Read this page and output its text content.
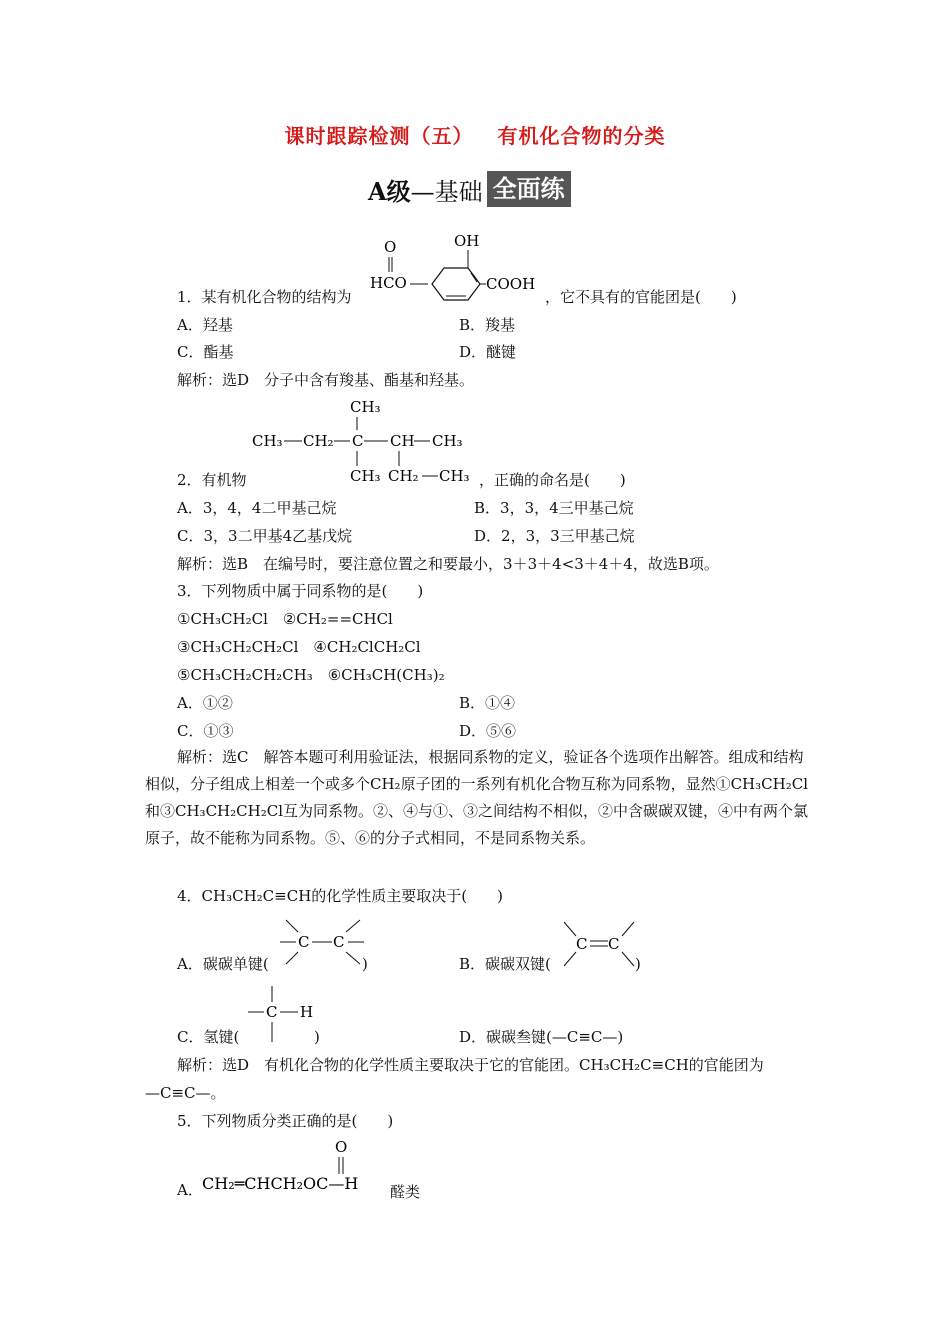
课时跟踪检测（五） 有机化合物的分类
A级 —基础 全面练
O
HCO
OH
COOH
1．某有机化合物的结构为	，它不具有的官能团是(　　)
A．羟基	B．羧基
C．酯基	D．醚键
解析：选D　分子中含有羧基、酯基和羟基。
CH₃
CH₃ CH₂ C CH CH₃
CH₃ CH₂ CH₃
2．有机物	，正确的命名是(　　)
A．3，4，4二甲基己烷	B．3，3，4三甲基己烷
C．3，3二甲基4乙基戊烷	D．2，3，3三甲基己烷
解析：选B　在编号时，要注意位置之和要最小，3＋3＋4<3＋4＋4，故选B项。
3．下列物质中属于同系物的是(　　)
①CH₃CH₂Cl　②CH₂==CHCl
③CH₃CH₂CH₂Cl　④CH₂ClCH₂Cl
⑤CH₃CH₂CH₂CH₃　⑥CH₃CH(CH₃)₂
A．①②	B．①④
C．①③	D．⑤⑥
解析：选C　解答本题可利用验证法，根据同系物的定义，验证各个选项作出解答。组成和结构相似，分子组成上相差一个或多个CH₂原子团的一系列有机化合物互称为同系物，显然①CH₃CH₂Cl和③CH₃CH₂CH₂Cl互为同系物。②、④与①、③之间结构不相似，②中含碳碳双键，④中有两个氯原子，故不能称为同系物。⑤、⑥的分子式相同，不是同系物关系。
4．CH₃CH₂C≡CH的化学性质主要取决于(　　)
C C
A．碳碳单键(	)
C C
B．碳碳双键(	)
C H
C．氢键(	)	D．碳碳叁键(—C≡C—)
解析：选D　有机化合物的化学性质主要取决于它的官能团。CH₃CH₂C≡CH的官能团为
—C≡C—。
5．下列物质分类正确的是(　　)
O
CH₂═CHCH₂OC—H
A．	醛类
